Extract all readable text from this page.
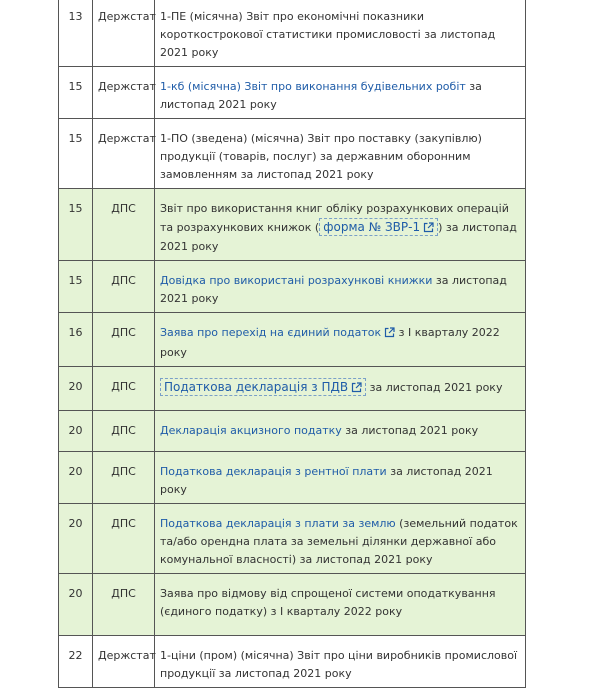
13	Держстат	1-ПЕ (місячна) Звіт про економічні показники короткострокової статистики промисловості за листопад 2021 року
15	Держстат	1-кб (місячна) Звіт про виконання будівельних робіт за листопад 2021 року
15	Держстат	1-ПО (зведена) (місячна) Звіт про поставку (закупівлю) продукції (товарів, послуг) за державним оборонним замовленням за листопад 2021 року
15	ДПС	Звіт про використання книг обліку розрахункових операцій та розрахункових книжок ( форма № ЗВР-1 ) за листопад 2021 року
15	ДПС	Довідка про використані розрахункові книжки за листопад 2021 року
16	ДПС	Заява про перехід на єдиний податок з І кварталу 2022 року
20	ДПС	Податкова декларація з ПДВ за листопад 2021 року
20	ДПС	Декларація акцизного податку за листопад 2021 року
20	ДПС	Податкова декларація з рентної плати за листопад 2021 року
20	ДПС	Податкова декларація з плати за землю (земельний податок та/або орендна плата за земельні ділянки державної або комунальної власності) за листопад 2021 року
20	ДПС	Заява про відмову від спрощеної системи оподаткування (єдиного податку) з І кварталу 2022 року
22	Держстат	1-ціни (пром) (місячна) Звіт про ціни виробників промислової продукції за листопад 2021 року
